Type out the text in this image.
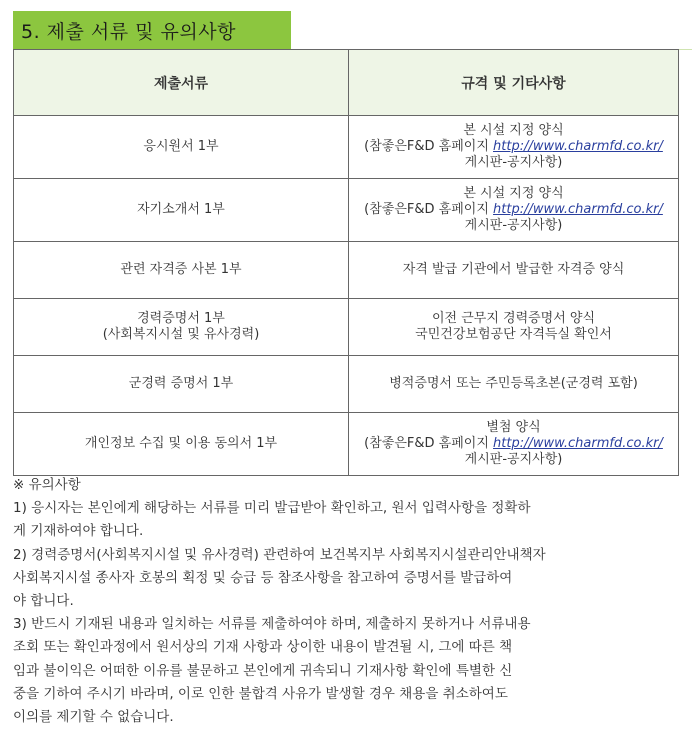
5. 제출 서류 및 유의사항
제출서류	규격 및 기타사항

응시원서 1부	본 시설 지정 양식
(참좋은F&D 홈페이지 http://www.charmfd.co.kr/
게시판-공지사항)

자기소개서 1부	본 시설 지정 양식
(참좋은F&D 홈페이지 http://www.charmfd.co.kr/
게시판-공지사항)

관련 자격증 사본 1부	자격 발급 기관에서 발급한 자격증 양식

경력증명서 1부
(사회복지시설 및 유사경력)	이전 근무지 경력증명서 양식
국민건강보험공단 자격득실 확인서

군경력 증명서 1부	병적증명서 또는 주민등록초본(군경력 포함)

개인정보 수집 및 이용 동의서 1부	별첨 양식
(참좋은F&D 홈페이지 http://www.charmfd.co.kr/
게시판-공지사항)

※ 유의사항

1) 응시자는 본인에게 해당하는 서류를 미리 발급받아 확인하고, 원서 입력사항을 정확하

게 기재하여야 합니다.

2) 경력증명서(사회복지시설 및 유사경력) 관련하여 보건복지부 사회복지시설관리안내책자

사회복지시설 종사자 호봉의 획정 및 승급 등 참조사항을 참고하여 증명서를 발급하여

야 합니다.

3) 반드시 기재된 내용과 일치하는 서류를 제출하여야 하며, 제출하지 못하거나 서류내용

조회 또는 확인과정에서 원서상의 기재 사항과 상이한 내용이 발견될 시, 그에 따른 책

임과 불이익은 어떠한 이유를 불문하고 본인에게 귀속되니 기재사항 확인에 특별한 신

중을 기하여 주시기 바라며, 이로 인한 불합격 사유가 발생할 경우 채용을 취소하여도

이의를 제기할 수 없습니다.
